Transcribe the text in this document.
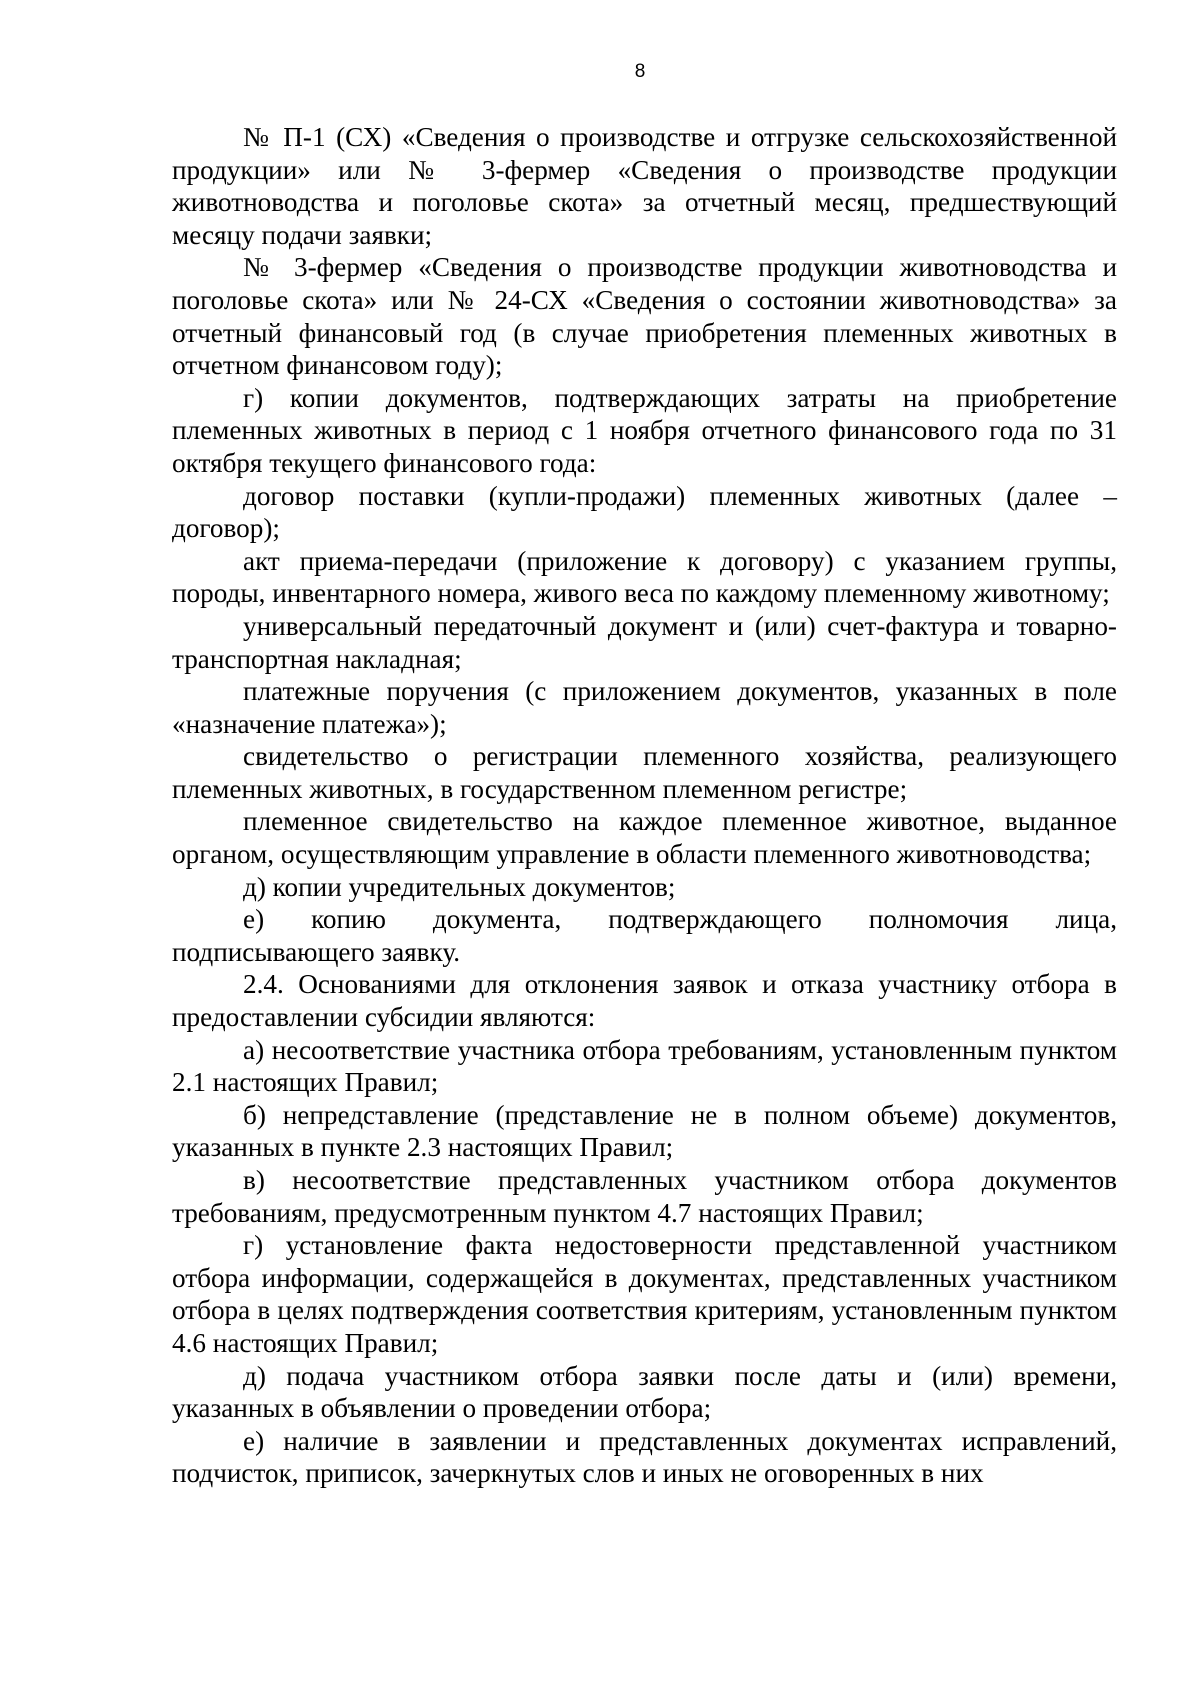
8

№ П-1 (СХ) «Сведения о производстве и отгрузке сельскохозяйственной продукции» или № 3-фермер «Сведения о производстве продукции животноводства и поголовье скота» за отчетный месяц, предшествующий месяцу подачи заявки;

№ 3-фермер «Сведения о производстве продукции животноводства и поголовье скота» или № 24-СХ «Сведения о состоянии животноводства» за отчетный финансовый год (в случае приобретения племенных животных в отчетном финансовом году);

г) копии документов, подтверждающих затраты на приобретение племенных животных в период с 1 ноября отчетного финансового года по 31 октября текущего финансового года:

договор поставки (купли-продажи) племенных животных (далее – договор);

акт приема-передачи (приложение к договору) с указанием группы, породы, инвентарного номера, живого веса по каждому племенному животному;

универсальный передаточный документ и (или) счет-фактура и товарно-транспортная накладная;

платежные поручения (с приложением документов, указанных в поле «назначение платежа»);

свидетельство о регистрации племенного хозяйства, реализующего племенных животных, в государственном племенном регистре;

племенное свидетельство на каждое племенное животное, выданное органом, осуществляющим управление в области племенного животноводства;

д) копии учредительных документов;

е) копию документа, подтверждающего полномочия лица, подписывающего заявку.

2.4. Основаниями для отклонения заявок и отказа участнику отбора в предоставлении субсидии являются:

а) несоответствие участника отбора требованиям, установленным пунктом 2.1 настоящих Правил;

б) непредставление (представление не в полном объеме) документов, указанных в пункте 2.3 настоящих Правил;

в) несоответствие представленных участником отбора документов требованиям, предусмотренным пунктом 4.7 настоящих Правил;

г) установление факта недостоверности представленной участником отбора информации, содержащейся в документах, представленных участником отбора в целях подтверждения соответствия критериям, установленным пунктом 4.6 настоящих Правил;

д) подача участником отбора заявки после даты и (или) времени, указанных в объявлении о проведении отбора;

е) наличие в заявлении и представленных документах исправлений, подчисток, приписок, зачеркнутых слов и иных не оговоренных в них
